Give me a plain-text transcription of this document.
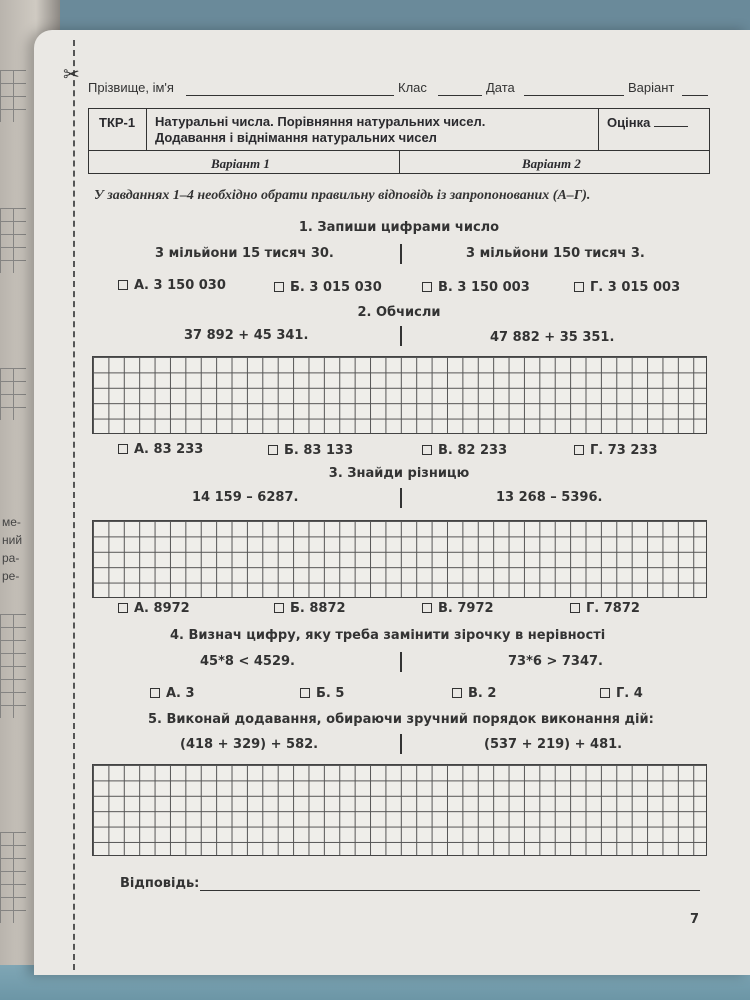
ме-
ний
ра-
ре-
✂
Прізвище, ім'я	Клас	Дата	Варіант
ТКР-1	Натуральні числа. Порівняння натуральних чисел.
Додавання і віднімання натуральних чисел
Оцінка
Варіант 1	Варіант 2
У завданнях 1–4 необхідно обрати правильну відповідь із запропонованих (А–Г).
1. Запиши цифрами число
3 мільйони 15 тисяч 30.	3 мільйони 150 тисяч 3.
А. 3 150 030	Б. 3 015 030	В. 3 150 003	Г. 3 015 003
2. Обчисли
37 892 + 45 341.	47 882 + 35 351.
А. 83 233	Б. 83 133	В. 82 233	Г. 73 233
3. Знайди різницю
14 159 – 6287.	13 268 – 5396.
А. 8972	Б. 8872	В. 7972	Г. 7872
4. Визнач цифру, яку треба замінити зірочку в нерівності
45*8 < 4529.	73*6 > 7347.
А. 3	Б. 5	В. 2	Г. 4
5. Виконай додавання, обираючи зручний порядок виконання дій:
(418 + 329) + 582.	(537 + 219) + 481.
Відповідь:
7
